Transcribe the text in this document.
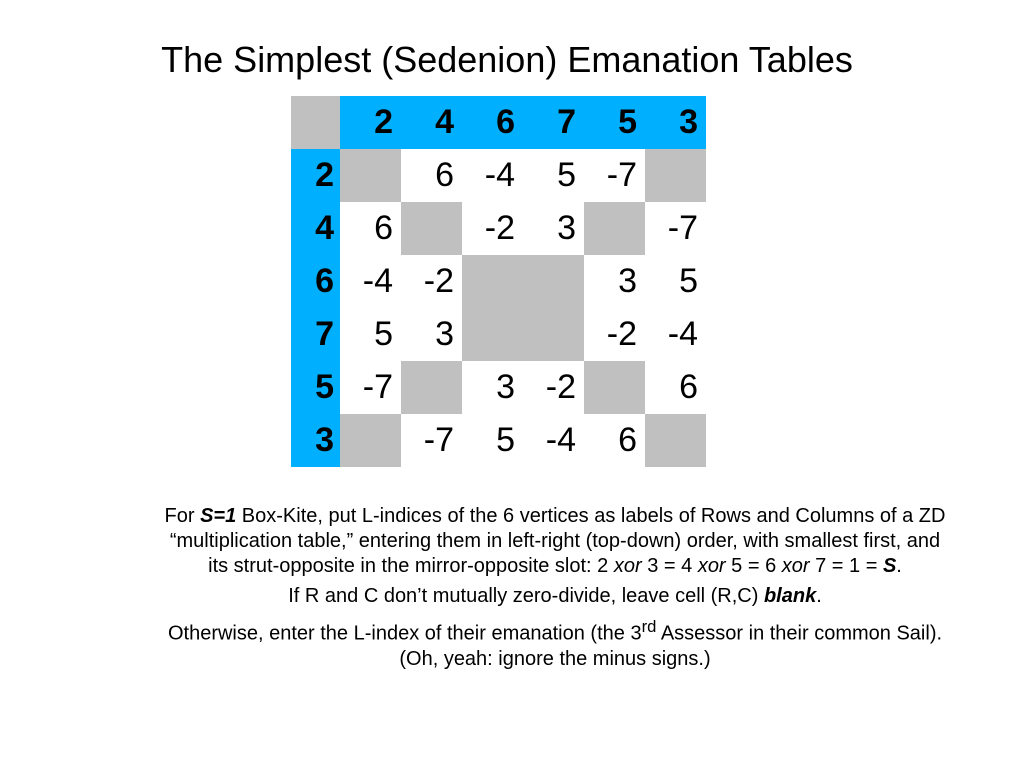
The Simplest (Sedenion) Emanation Tables
	2	4	6	7	5	3
2		6	-4	5	-7	
4	6		-2	3		-7
6	-4	-2			3	5
7	5	3			-2	-4
5	-7		3	-2		6
3		-7	5	-4	6	

For S=1 Box-Kite, put L-indices of the 6 vertices as labels of Rows and Columns of a ZD “multiplication table,” entering them in left-right (top-down) order, with smallest first, and its strut-opposite in the mirror-opposite slot: 2 xor 3 = 4 xor 5 = 6 xor 7 = 1 = S.

If R and C don’t mutually zero-divide, leave cell (R,C) blank.

Otherwise, enter the L-index of their emanation (the 3rd Assessor in their common Sail). (Oh, yeah: ignore the minus signs.)
